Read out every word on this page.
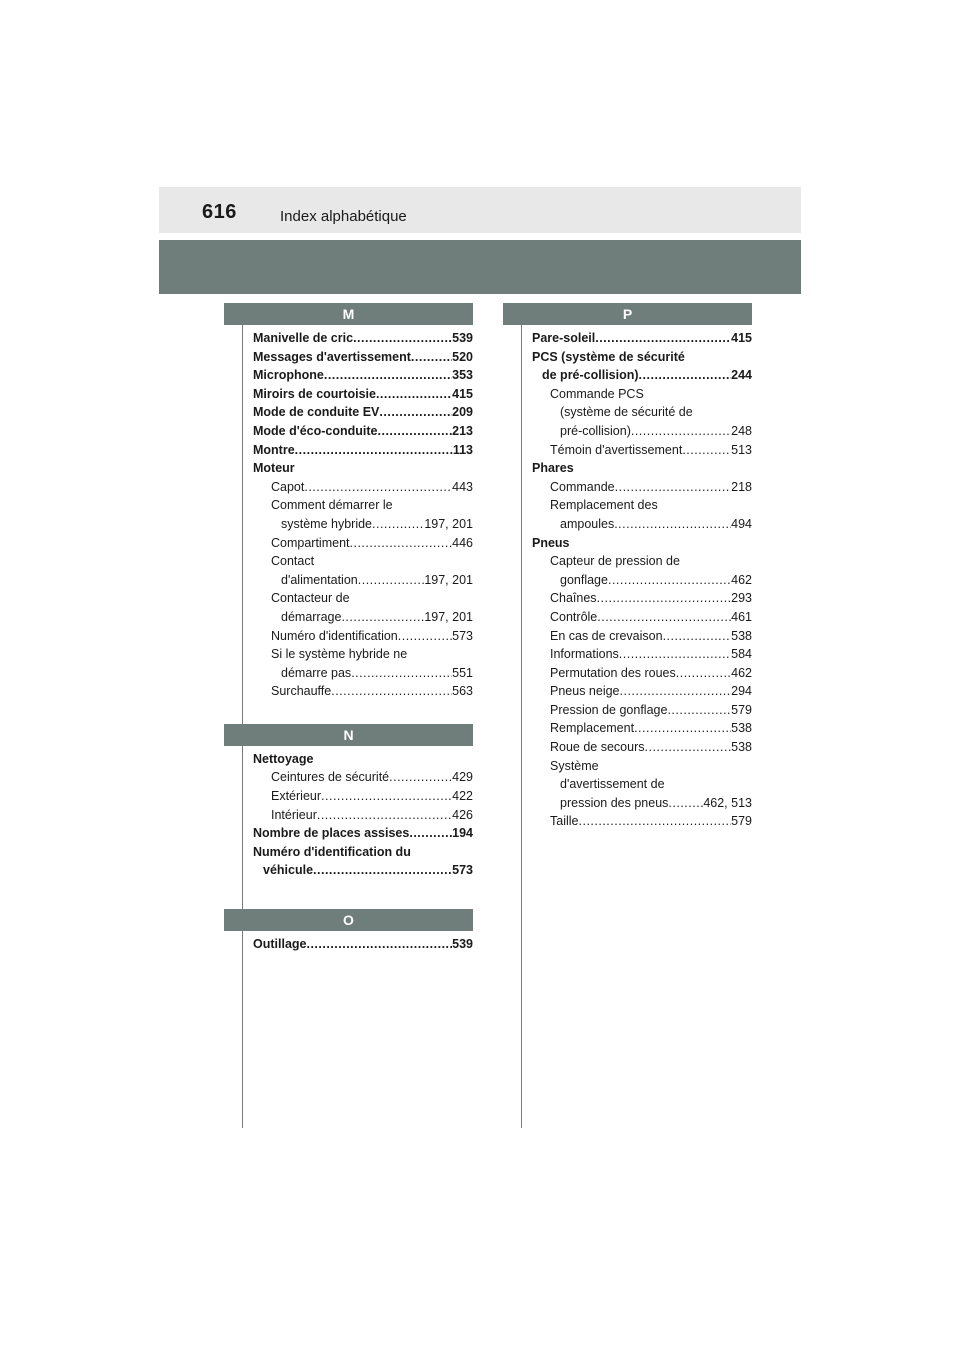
616	Index alphabétique
M
Manivelle de cric .....	539
Messages d'avertissement .....	520
Microphone .....	353
Miroirs de courtoisie .....	415
Mode de conduite EV .....	209
Mode d'éco-conduite .....	213
Montre .....	113
Moteur
Capot .....	443
Comment démarrer le
système hybride .....	197, 201
Compartiment .....	446
Contact
d'alimentation .....	197, 201
Contacteur de
démarrage .....	197, 201
Numéro d'identification .....	573
Si le système hybride ne
démarre pas .....	551
Surchauffe .....	563
N
Nettoyage
Ceintures de sécurité .....	429
Extérieur .....	422
Intérieur .....	426
Nombre de places assises .....	194
Numéro d'identification du
véhicule .....	573
O
Outillage .....	539
P
Pare-soleil .....	415
PCS (système de sécurité
de pré-collision) .....	244
Commande PCS
(système de sécurité de
pré-collision) .....	248
Témoin d'avertissement .....	513
Phares
Commande .....	218
Remplacement des
ampoules .....	494
Pneus
Capteur de pression de
gonflage .....	462
Chaînes .....	293
Contrôle .....	461
En cas de crevaison .....	538
Informations .....	584
Permutation des roues .....	462
Pneus neige .....	294
Pression de gonflage .....	579
Remplacement .....	538
Roue de secours .....	538
Système
d'avertissement de
pression des pneus .....	462, 513
Taille .....	579
